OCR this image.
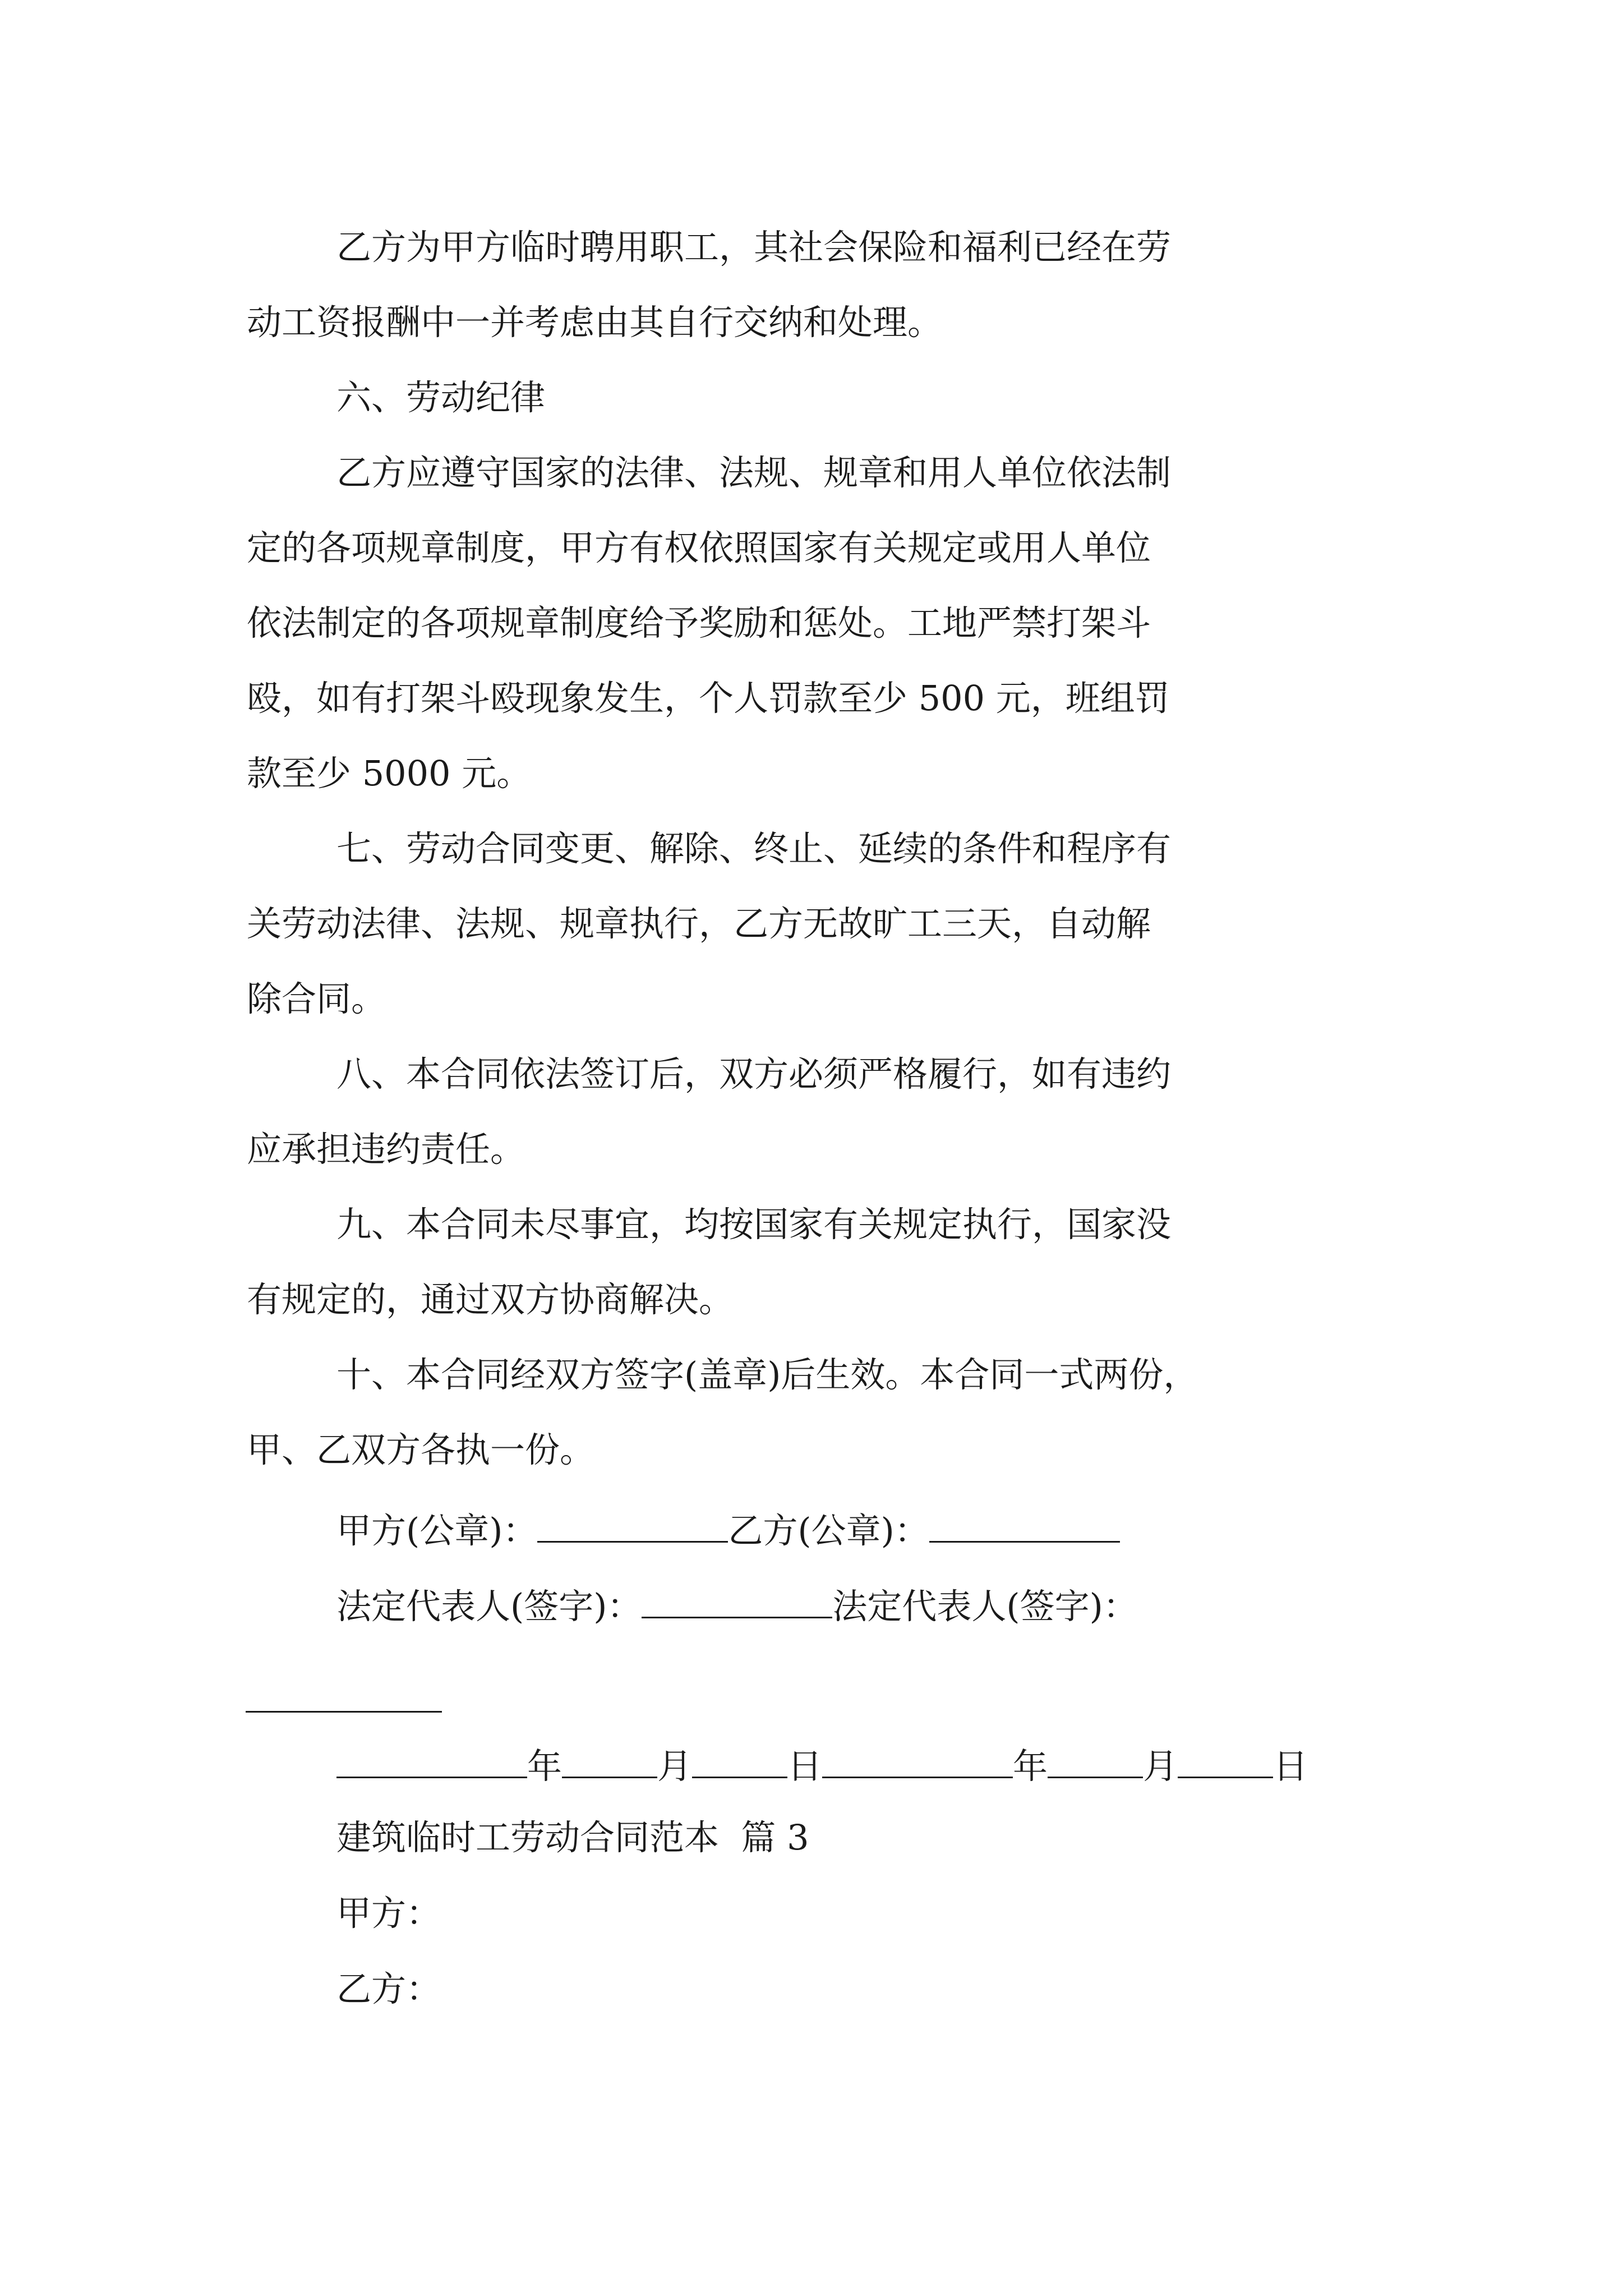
乙方为甲方临时聘用职工，其社会保险和福利已经在劳
动工资报酬中一并考虑由其自行交纳和处理。
六、劳动纪律
乙方应遵守国家的法律、法规、规章和用人单位依法制
定的各项规章制度，甲方有权依照国家有关规定或用人单位
依法制定的各项规章制度给予奖励和惩处。工地严禁打架斗
殴，如有打架斗殴现象发生，个人罚款至少 500 元，班组罚
款至少 5000 元。
七、劳动合同变更、解除、终止、延续的条件和程序有
关劳动法律、法规、规章执行，乙方无故旷工三天，自动解
除合同。
八、本合同依法签订后，双方必须严格履行，如有违约
应承担违约责任。
九、本合同未尽事宜，均按国家有关规定执行，国家没
有规定的，通过双方协商解决。
十、本合同经双方签字(盖章)后生效。本合同一式两份，
甲、乙双方各执一份。
甲方(公章)：	乙方(公章)：
法定代表人(签字)：	法定代表人(签字)：
年	月	日	年	月	日
建筑临时工劳动合同范本  篇 3
甲方：
乙方：
